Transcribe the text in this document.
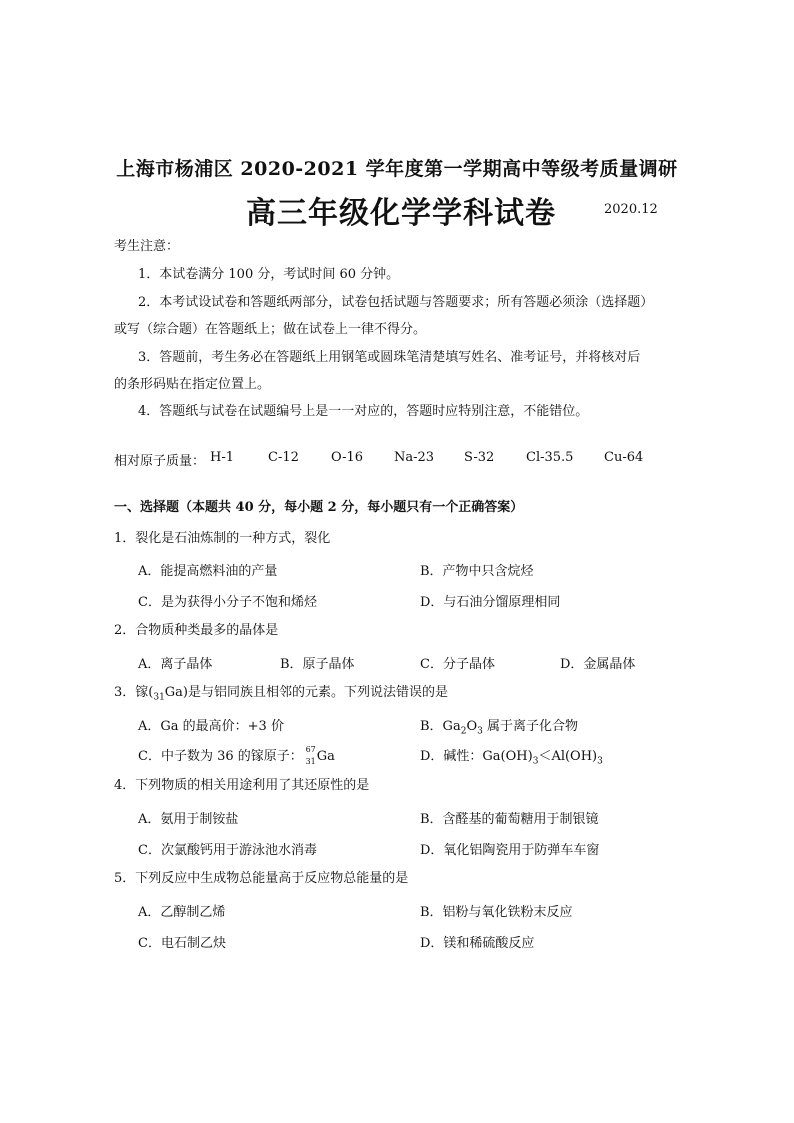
上海市杨浦区 2020-2021 学年度第一学期高中等级考质量调研
高三年级化学学科试卷	2020.12
考生注意：
1．本试卷满分 100 分，考试时间 60 分钟。
2．本考试设试卷和答题纸两部分，试卷包括试题与答题要求；所有答题必须涂（选择题）
或写（综合题）在答题纸上；做在试卷上一律不得分。
3．答题前，考生务必在答题纸上用钢笔或圆珠笔清楚填写姓名、准考证号，并将核对后
的条形码贴在指定位置上。
4．答题纸与试卷在试题编号上是一一对应的，答题时应特别注意，不能错位。
相对原子质量： H-1	C-12 O-16 Na-23 S-32 Cl-35.5 Cu-64
一、选择题（本题共 40 分，每小题 2 分，每小题只有一个正确答案）
1．裂化是石油炼制的一种方式，裂化
A．能提高燃料油的产量	B．产物中只含烷烃
C．是为获得小分子不饱和烯烃	D．与石油分馏原理相同
2．合物质种类最多的晶体是
A．离子晶体	B．原子晶体	C．分子晶体	D．金属晶体
3．镓$(_{31}Ga)$是与铝同族且相邻的元素。下列说法错误的是
A．Ga 的最高价：+3 价	B．$Ga_2O_3$ 属于离子化合物
C．中子数为 36 的镓原子： 67
31 Ga	D．碱性：$Ga(OH)_3<Al(OH)_3$
4．下列物质的相关用途利用了其还原性的是
A．氨用于制铵盐	B．含醛基的葡萄糖用于制银镜
C．次氯酸钙用于游泳池水消毒	D．氧化铝陶瓷用于防弹车车窗
5．下列反应中生成物总能量高于反应物总能量的是
A．乙醇制乙烯	B．铝粉与氧化铁粉末反应
C．电石制乙炔	D．镁和稀硫酸反应
